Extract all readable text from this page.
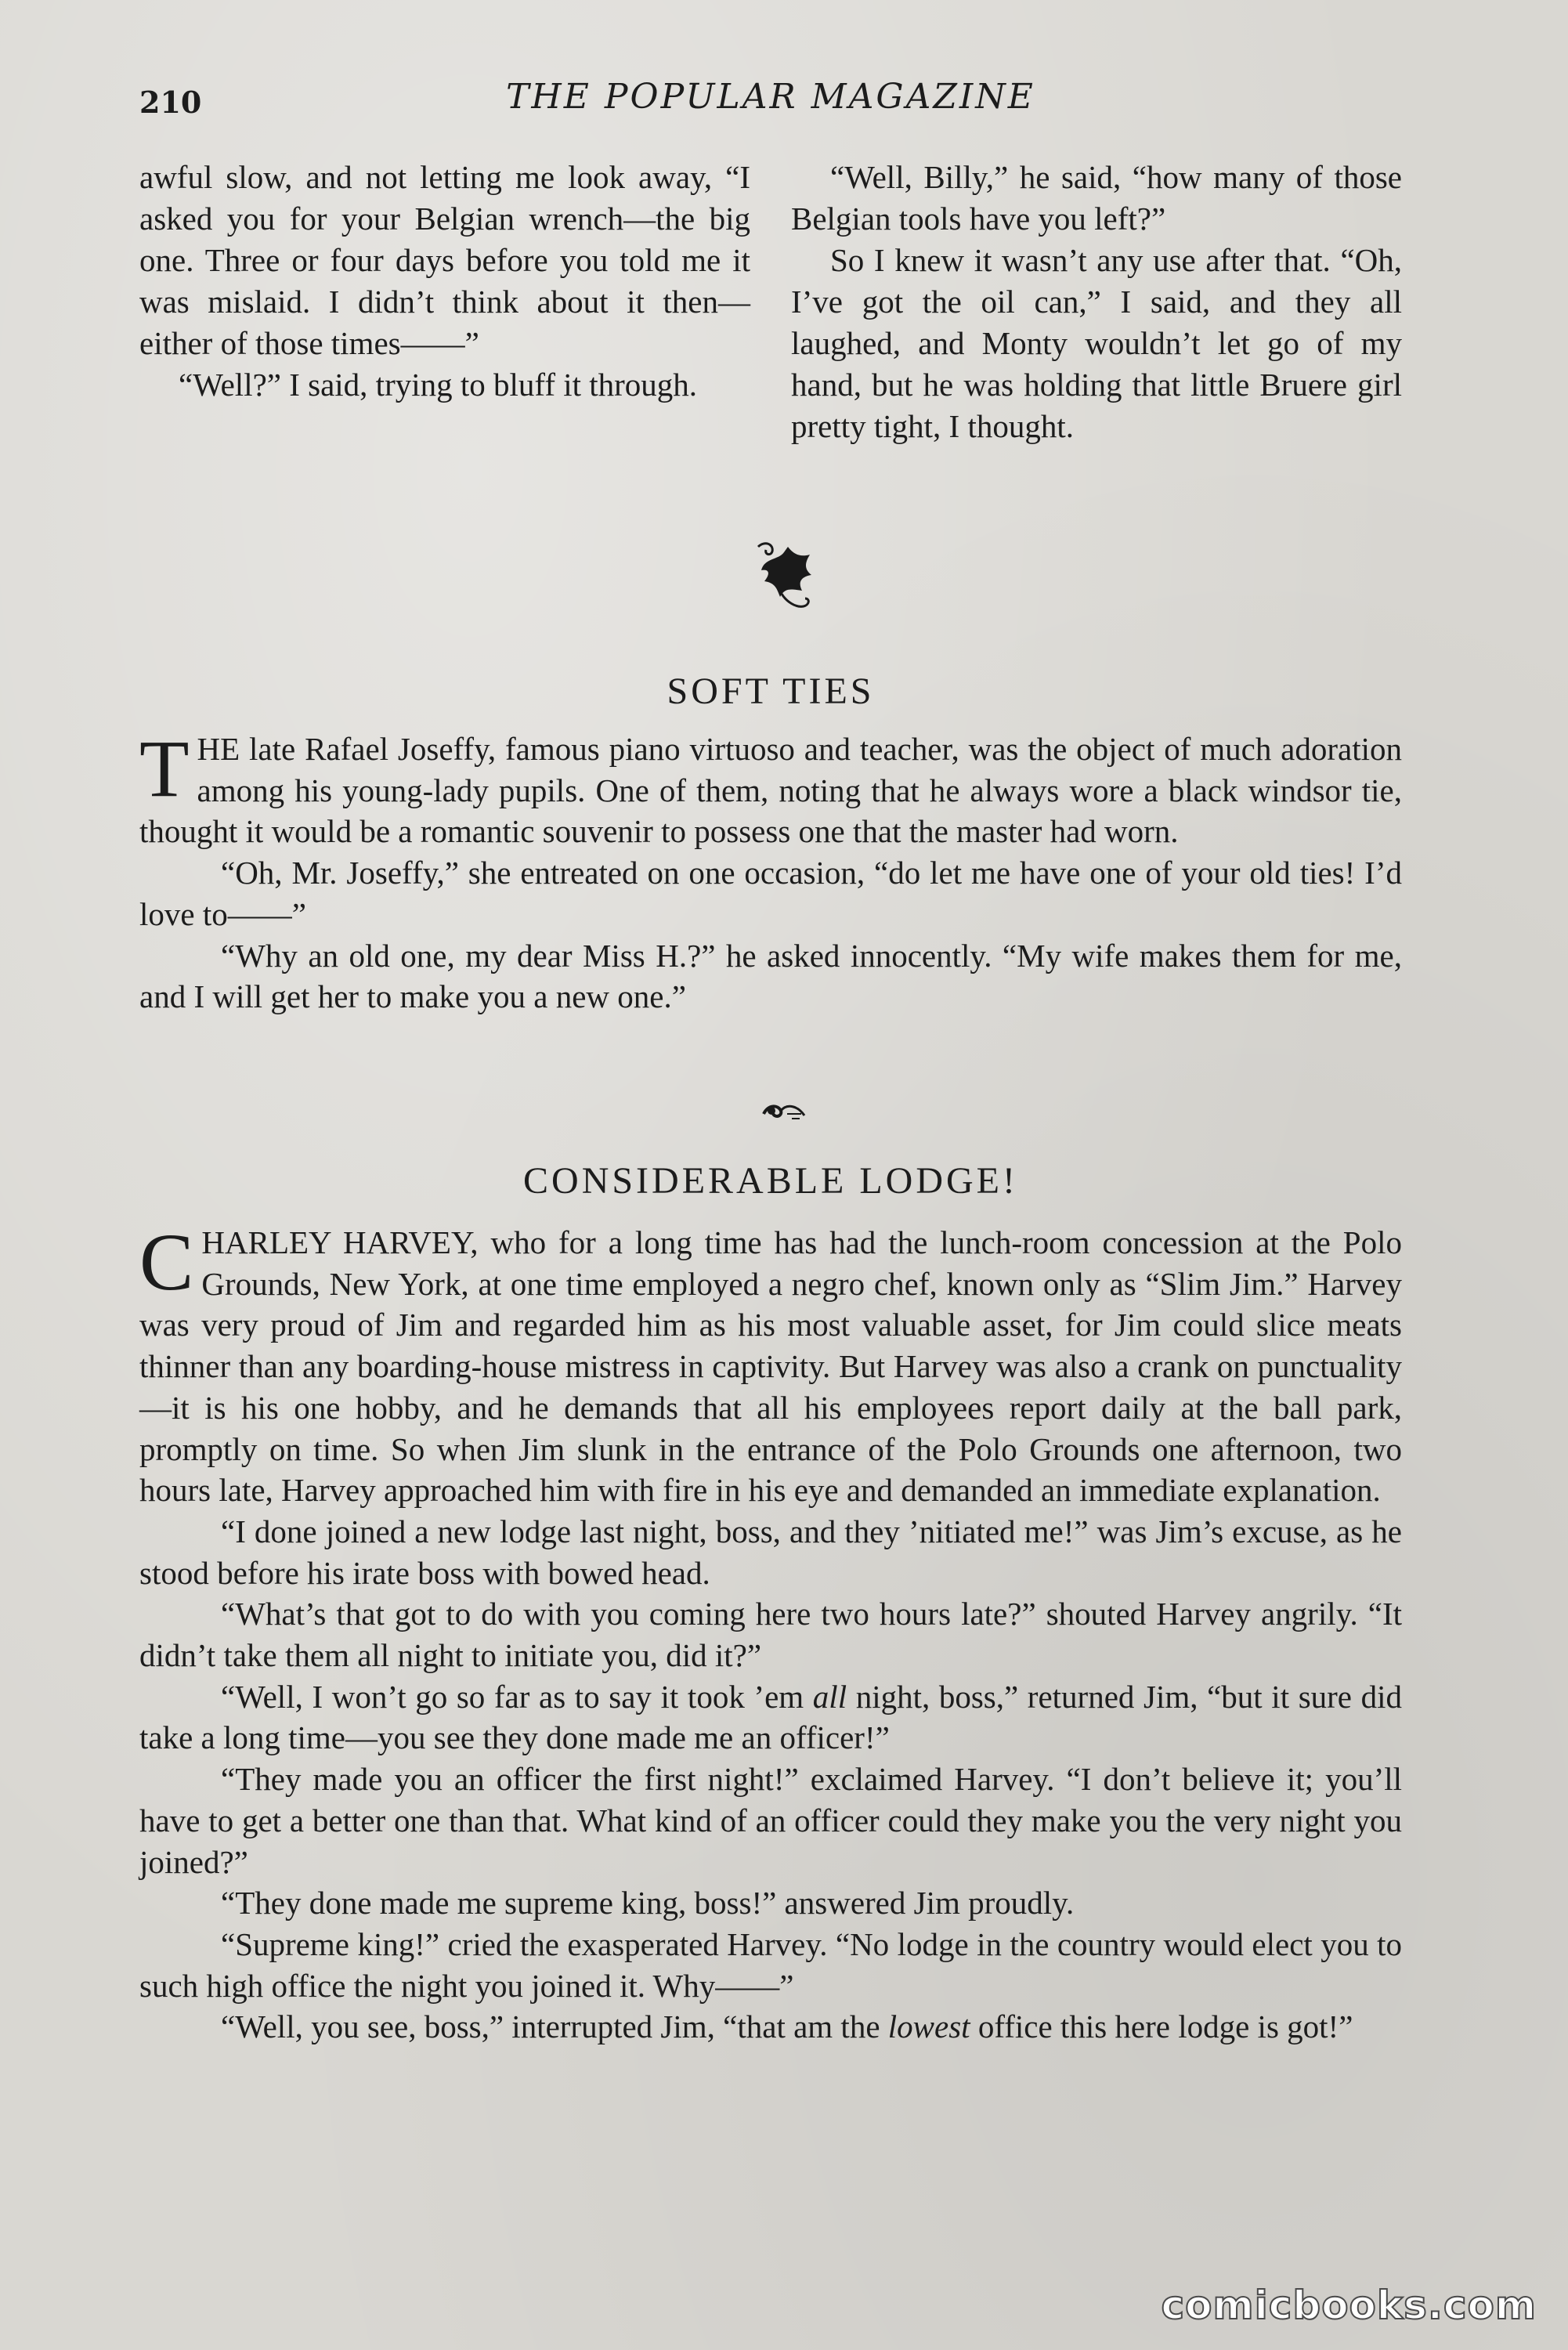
210	THE POPULAR MAGAZINE

awful slow, and not letting me look away, “I asked you for your Belgian wrench—the big one. Three or four days before you told me it was mislaid. I didn’t think about it then—either of those times——”

“Well?” I said, trying to bluff it through.

“Well, Billy,” he said, “how many of those Belgian tools have you left?”

So I knew it wasn’t any use after that. “Oh, I’ve got the oil can,” I said, and they all laughed, and Monty wouldn’t let go of my hand, but he was holding that little Bruere girl pretty tight, I thought.

SOFT TIES

THE late Rafael Joseffy, famous piano virtuoso and teacher, was the object of much adoration among his young-lady pupils. One of them, noting that he always wore a black windsor tie, thought it would be a romantic souvenir to possess one that the master had worn.

“Oh, Mr. Joseffy,” she entreated on one occasion, “do let me have one of your old ties! I’d love to——”

“Why an old one, my dear Miss H.?” he asked innocently. “My wife makes them for me, and I will get her to make you a new one.”

CONSIDERABLE LODGE!

CHARLEY HARVEY, who for a long time has had the lunch-room concession at the Polo Grounds, New York, at one time employed a negro chef, known only as “Slim Jim.” Harvey was very proud of Jim and regarded him as his most valuable asset, for Jim could slice meats thinner than any boarding-house mistress in captivity. But Harvey was also a crank on punctuality—it is his one hobby, and he demands that all his employees report daily at the ball park, promptly on time. So when Jim slunk in the entrance of the Polo Grounds one afternoon, two hours late, Harvey approached him with fire in his eye and demanded an immediate explanation.

“I done joined a new lodge last night, boss, and they ’nitiated me!” was Jim’s excuse, as he stood before his irate boss with bowed head.

“What’s that got to do with you coming here two hours late?” shouted Harvey angrily. “It didn’t take them all night to initiate you, did it?”

“Well, I won’t go so far as to say it took ’em all night, boss,” returned Jim, “but it sure did take a long time—you see they done made me an officer!”

“They made you an officer the first night!” exclaimed Harvey. “I don’t believe it; you’ll have to get a better one than that. What kind of an officer could they make you the very night you joined?”

“They done made me supreme king, boss!” answered Jim proudly.

“Supreme king!” cried the exasperated Harvey. “No lodge in the country would elect you to such high office the night you joined it. Why——”

“Well, you see, boss,” interrupted Jim, “that am the lowest office this here lodge is got!”

comicbooks.com
